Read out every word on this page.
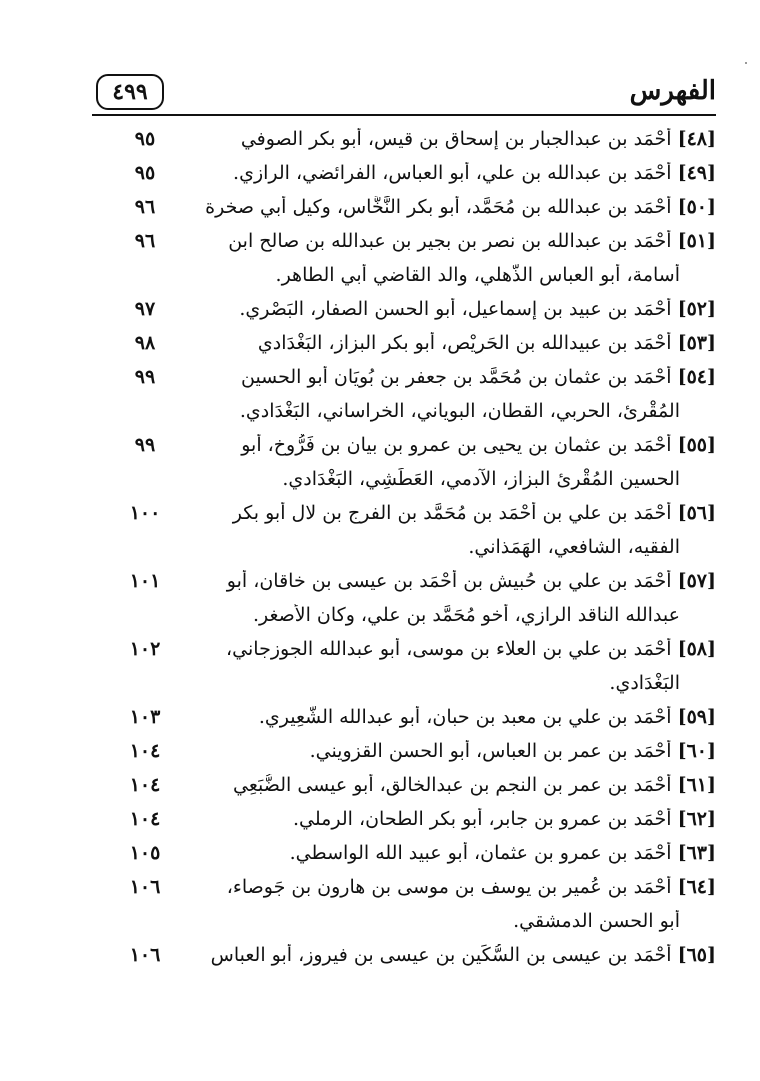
٤٩٩	الفهرس
[٤٨]أَحْمَد بن عبدالجبار بن إسحاق بن قيس، أبو بكر الصوفي
٩٥
[٤٩]أَحْمَد بن عبدالله بن علي، أبو العباس، الفرائضي، الرازي.
٩٥
[٥٠]أَحْمَد بن عبدالله بن مُحَمَّد، أبو بكر النَّخَّاس، وكيل أبي صخرة
٩٦
[٥١]أَحْمَد بن عبدالله بن نصر بن بجير بن عبدالله بن صالح ابن
أسامة، أبو العباس الذُّهلي، والد القاضي أبي الطاهر.
٩٦
[٥٢]أَحْمَد بن عبيد بن إسماعيل، أبو الحسن الصفار، البَصْري.
٩٧
[٥٣]أَحْمَد بن عبيدالله بن الحَرِيْص، أبو بكر البزاز، البَغْدَادي
٩٨
[٥٤]أَحْمَد بن عثمان بن مُحَمَّد بن جعفر بن بُويَان أبو الحسين
المُقْرِئ، الحربي، القطان، البوياني، الخراساني، البَغْدَادي.
٩٩
[٥٥]أَحْمَد بن عثمان بن يحيى بن عمرو بن بيان بن فَرُّوخ، أبو
الحسين المُقْرِئ البزاز، الآدمي، العَطَشِي، البَغْدَادي.
٩٩
[٥٦]أَحْمَد بن علي بن أَحْمَد بن مُحَمَّد بن الفرج بن لال أبو بكر
الفقيه، الشافعي، الهَمَذاني.
١٠٠
[٥٧]أَحْمَد بن علي بن حُبيش بن أَحْمَد بن عيسى بن خاقان، أبو
عبدالله الناقد الرازي، أخو مُحَمَّد بن علي، وكان الأصغر.
١٠١
[٥٨]أَحْمَد بن علي بن العلاء بن موسى، أبو عبدالله الجوزجاني،
البَغْدَادي.
١٠٢
[٥٩]أَحْمَد بن علي بن معبد بن حبان، أبو عبدالله الشَّعِيري.
١٠٣
[٦٠]أَحْمَد بن عمر بن العباس، أبو الحسن القزويني.
١٠٤
[٦١]أَحْمَد بن عمر بن النجم بن عبدالخالق، أبو عيسى الضُّبَعِي
١٠٤
[٦٢]أَحْمَد بن عمرو بن جابر، أبو بكر الطحان، الرملي.
١٠٤
[٦٣]أَحْمَد بن عمرو بن عثمان، أبو عبيد الله الواسطي.
١٠٥
[٦٤]أَحْمَد بن عُمير بن يوسف بن موسى بن هارون بن جَوصاء،
أبو الحسن الدمشقي.
١٠٦
[٦٥]أَحْمَد بن عيسى بن السُّكَين بن عيسى بن فيروز، أبو العباس
١٠٦
